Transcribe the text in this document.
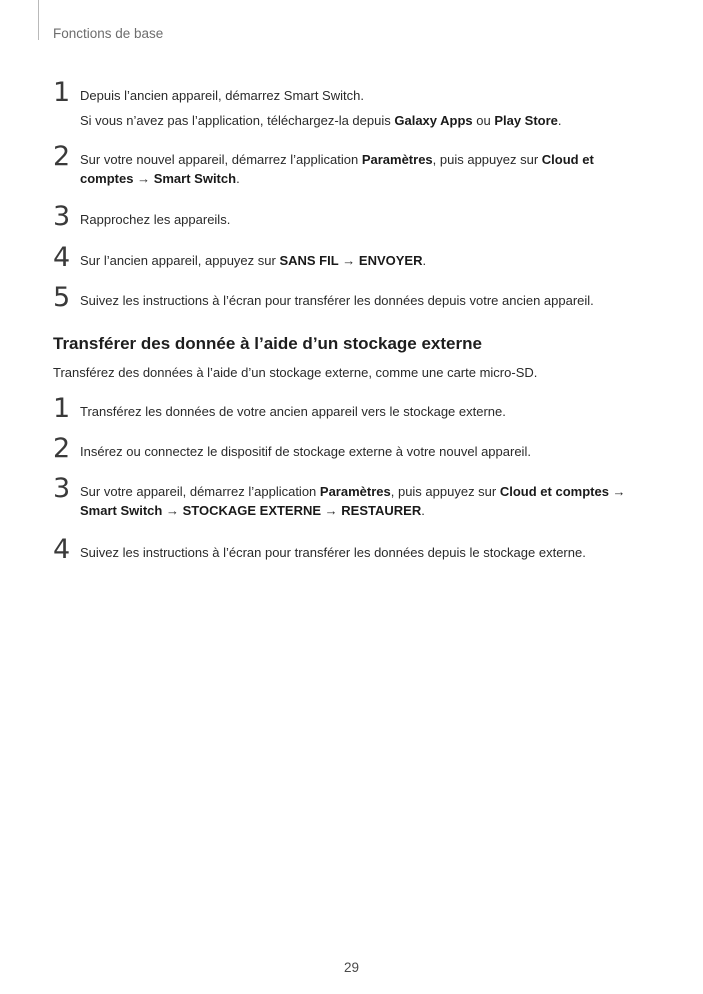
Fonctions de base
1 Depuis l’ancien appareil, démarrez Smart Switch.
Si vous n’avez pas l’application, téléchargez-la depuis Galaxy Apps ou Play Store.
2 Sur votre nouvel appareil, démarrez l’application Paramètres, puis appuyez sur Cloud et comptes → Smart Switch.
3 Rapprochez les appareils.
4 Sur l’ancien appareil, appuyez sur SANS FIL → ENVOYER.
5 Suivez les instructions à l’écran pour transférer les données depuis votre ancien appareil.
Transférer des donnée à l’aide d’un stockage externe
Transférez des données à l’aide d’un stockage externe, comme une carte micro-SD.
1 Transférez les données de votre ancien appareil vers le stockage externe.
2 Insérez ou connectez le dispositif de stockage externe à votre nouvel appareil.
3 Sur votre appareil, démarrez l’application Paramètres, puis appuyez sur Cloud et comptes → Smart Switch → STOCKAGE EXTERNE → RESTAURER.
4 Suivez les instructions à l’écran pour transférer les données depuis le stockage externe.
29
